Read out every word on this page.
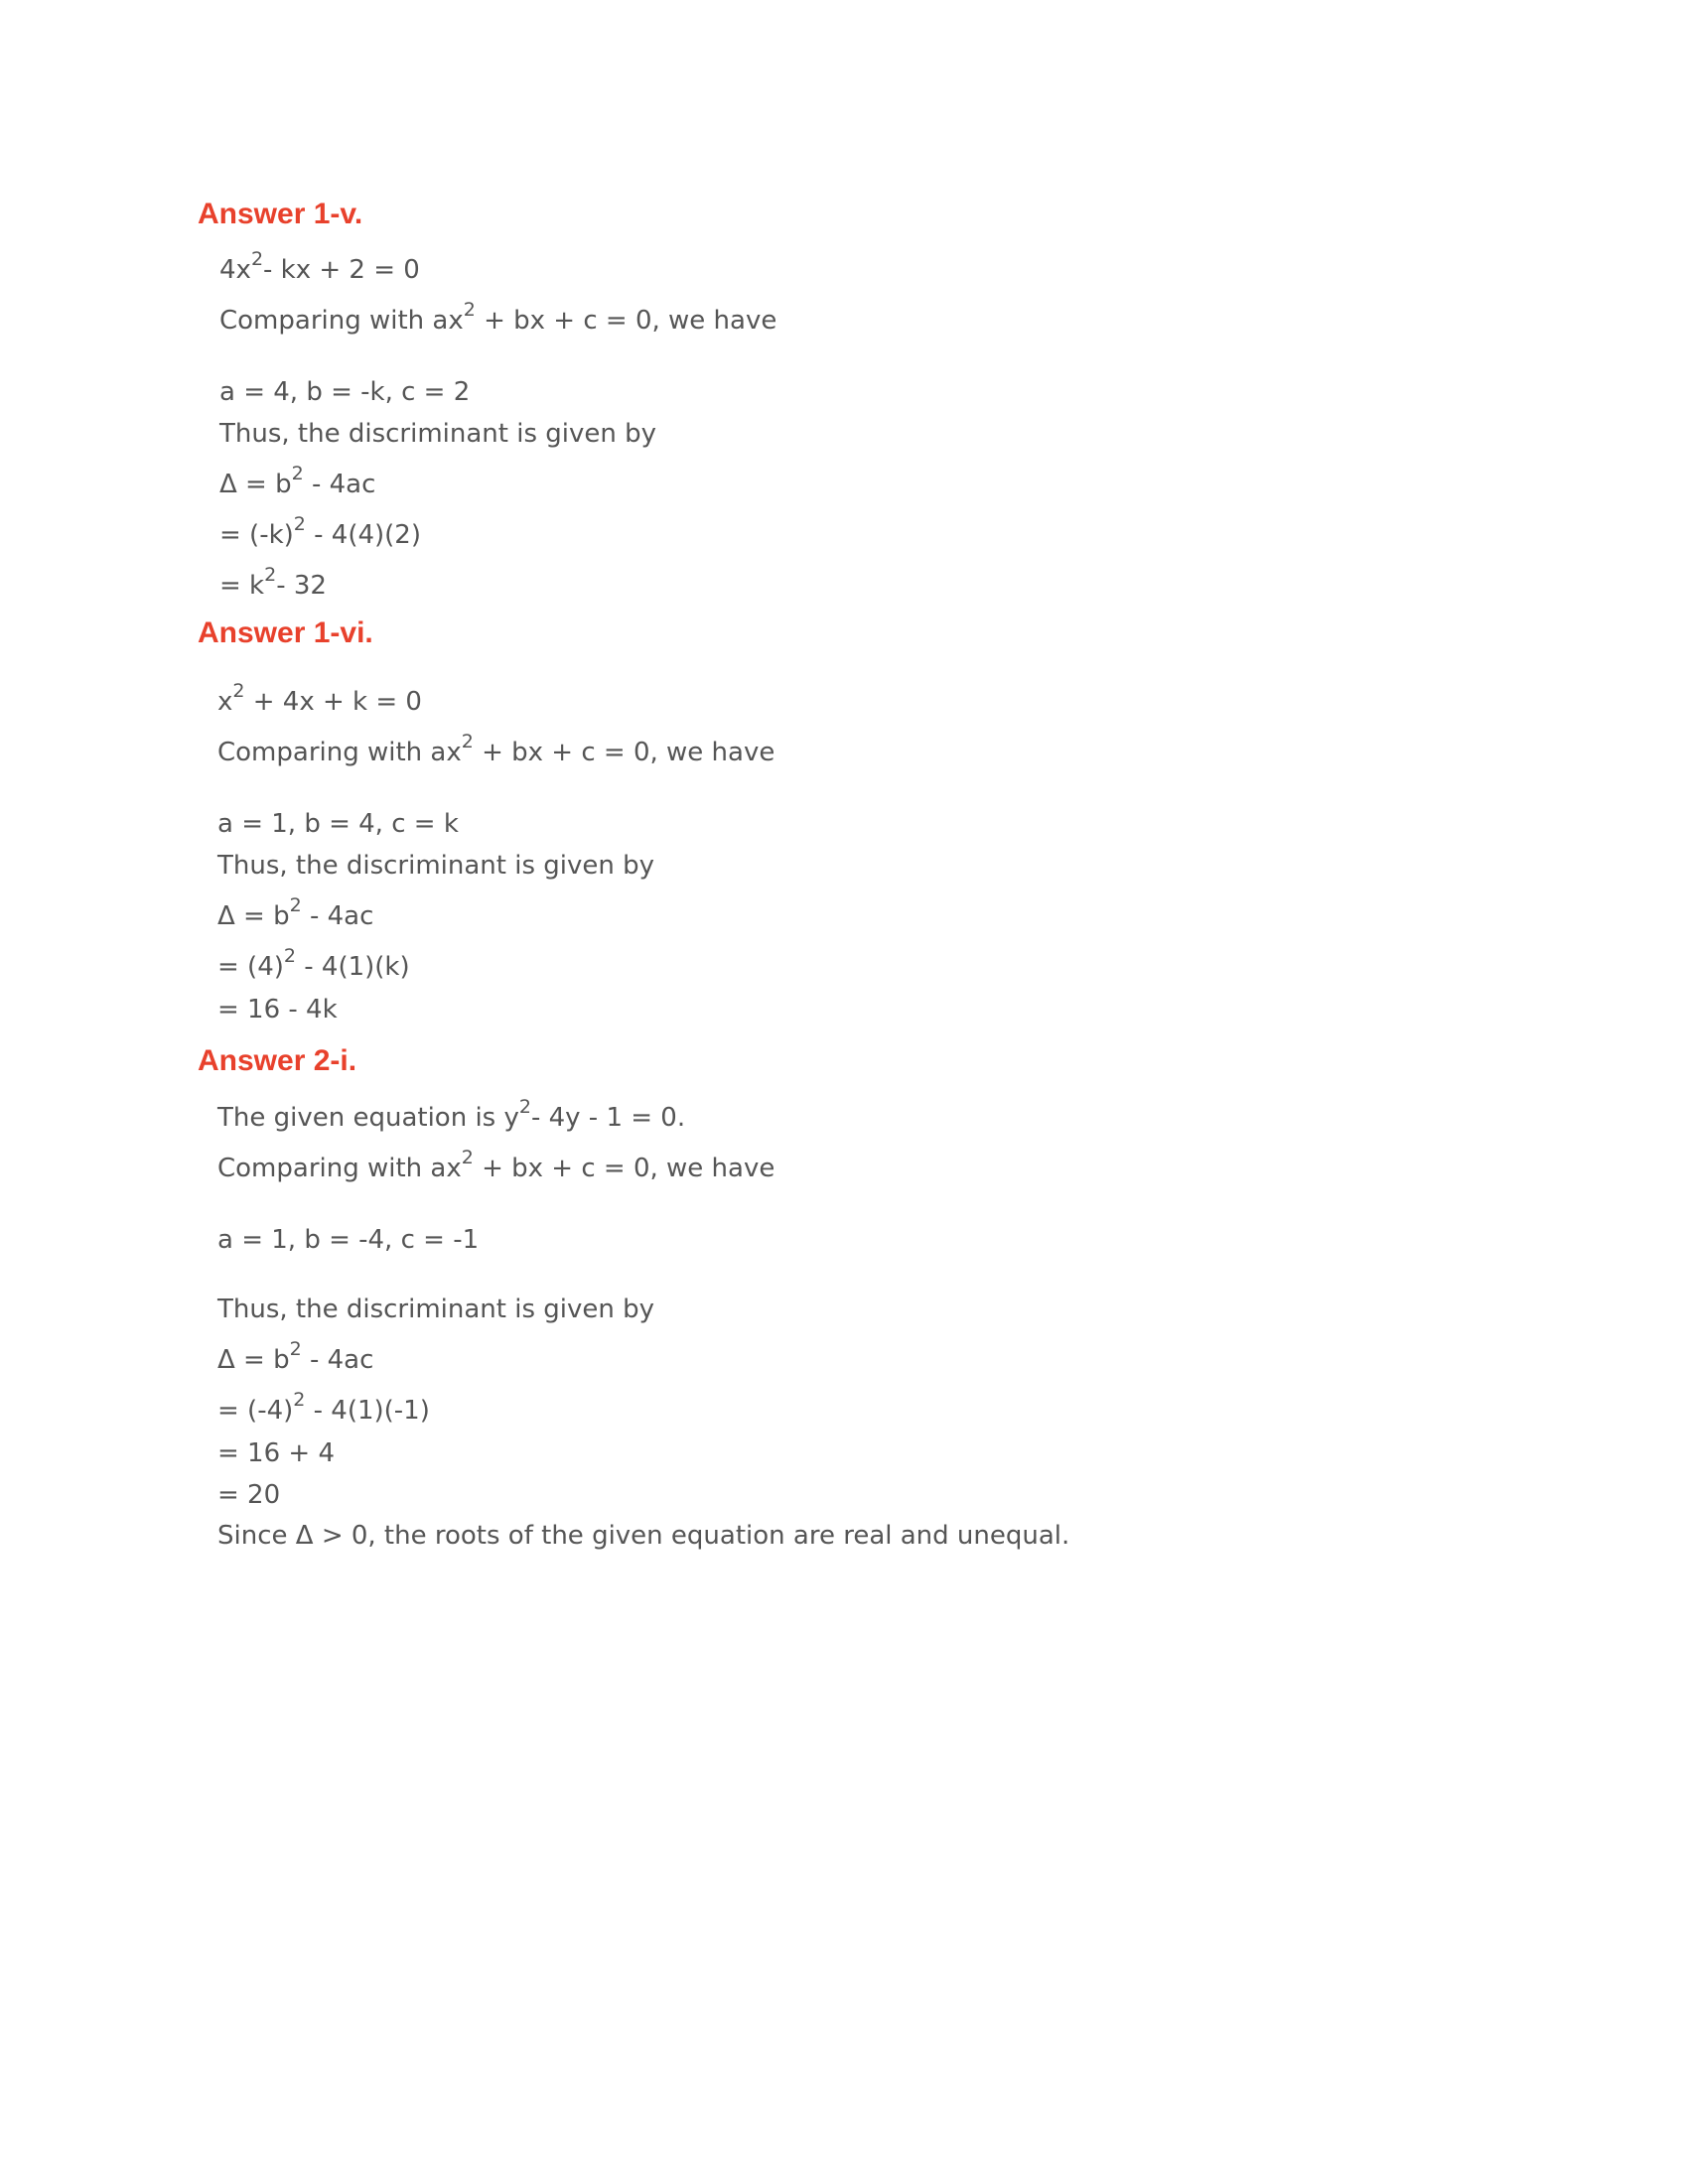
Answer 1-v.

$4x^2-$ kx + 2 = 0

Comparing with $ax^2$ + bx + c = 0, we have

a = 4, b = -k, c = 2

Thus, the discriminant is given by

$\Delta = b^2 - 4ac$

= $(-k)^2 - 4(4)(2)$

= $k^2-$ 32

Answer 1-vi.

$x^2 + 4x + k = 0$

Comparing with $ax^2$ + bx + c = 0, we have

a = 1, b = 4, c = k

Thus, the discriminant is given by

$\Delta = b^2 - 4ac$

= $(4)^2 - 4(1)(k)$

= 16 - 4k

Answer 2-i.

The given equation is $y^2-$ 4y - 1 = 0.

Comparing with $ax^2$ + bx + c = 0, we have

a = 1, b = -4, c = -1

Thus, the discriminant is given by

$\Delta = b^2 - 4ac$

= $(-4)^2 - 4(1)(-1)$

= 16 + 4

= 20

Since Δ > 0, the roots of the given equation are real and unequal.
